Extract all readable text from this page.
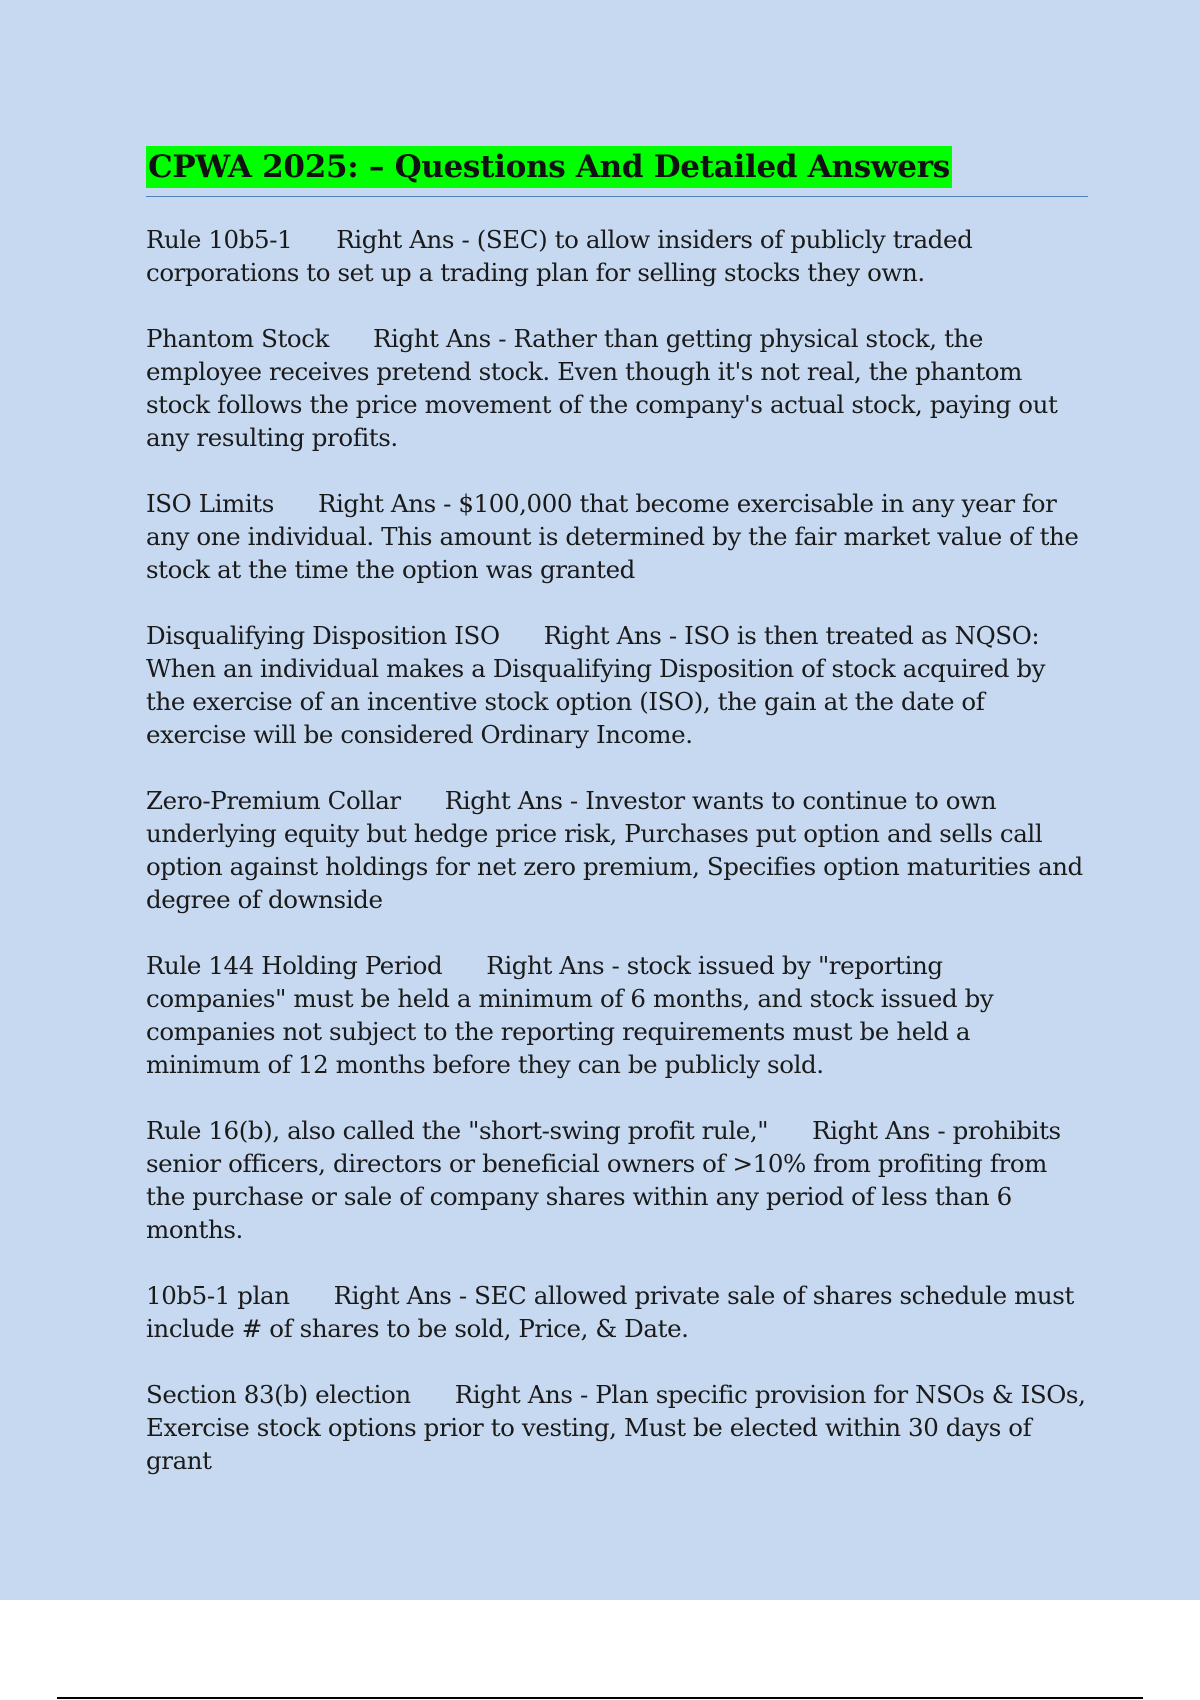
CPWA 2025: – Questions And Detailed Answers

Rule 10b5-1 Right Ans - (SEC) to allow insiders of publicly traded corporations to set up a trading plan for selling stocks they own.

Phantom Stock Right Ans - Rather than getting physical stock, the employee receives pretend stock. Even though it's not real, the phantom stock follows the price movement of the company's actual stock, paying out any resulting profits.

ISO Limits Right Ans - $100,000 that become exercisable in any year for any one individual. This amount is determined by the fair market value of the stock at the time the option was granted

Disqualifying Disposition ISO Right Ans - ISO is then treated as NQSO: When an individual makes a Disqualifying Disposition of stock acquired by the exercise of an incentive stock option (ISO), the gain at the date of exercise will be considered Ordinary Income.

Zero-Premium Collar Right Ans - Investor wants to continue to own underlying equity but hedge price risk, Purchases put option and sells call option against holdings for net zero premium, Specifies option maturities and degree of downside

Rule 144 Holding Period Right Ans - stock issued by "reporting companies" must be held a minimum of 6 months, and stock issued by companies not subject to the reporting requirements must be held a minimum of 12 months before they can be publicly sold.

Rule 16(b), also called the "short-swing profit rule," Right Ans - prohibits senior officers, directors or beneficial owners of >10% from profiting from the purchase or sale of company shares within any period of less than 6 months.

10b5-1 plan Right Ans - SEC allowed private sale of shares schedule must include # of shares to be sold, Price, & Date.

Section 83(b) election Right Ans - Plan specific provision for NSOs & ISOs, Exercise stock options prior to vesting, Must be elected within 30 days of grant
